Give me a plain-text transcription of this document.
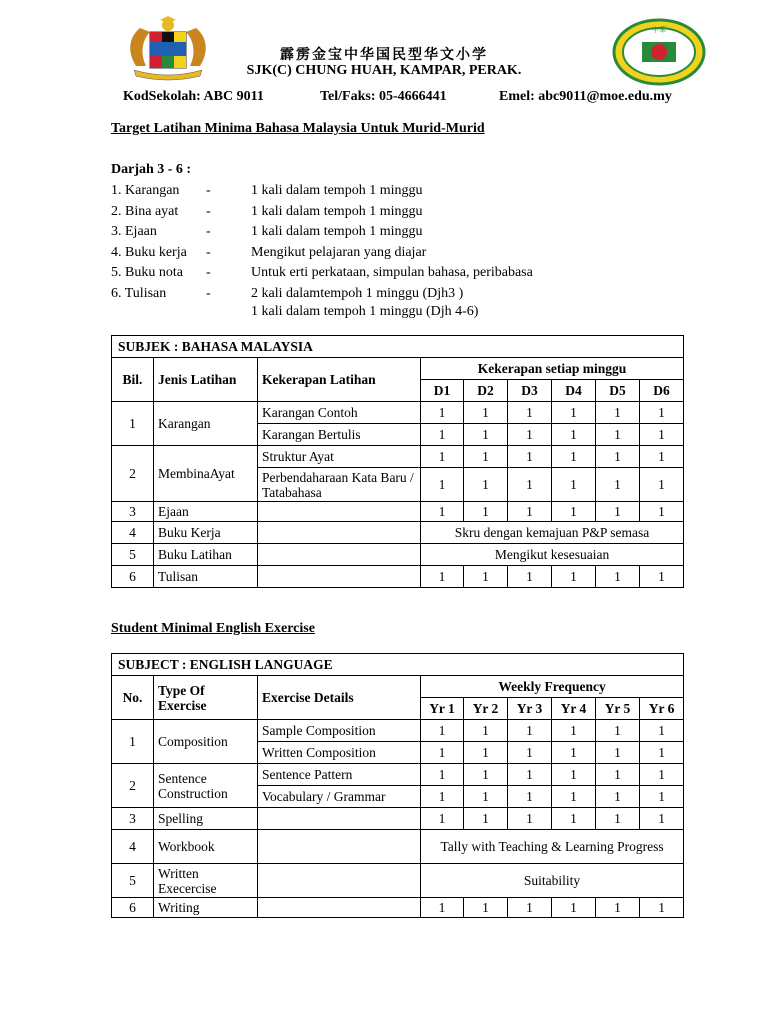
中華
霹雳金宝中华国民型华文小学
SJK(C) CHUNG HUAH, KAMPAR, PERAK.
KodSekolah: ABC 9011	Tel/Faks: 05-4666441	Emel: abc9011@moe.edu.my
Target Latihan Minima Bahasa Malaysia Untuk Murid-Murid
Darjah 3 - 6 :
1. Karangan -	1 kali dalam tempoh 1 minggu
2. Bina ayat -	1 kali dalam tempoh 1 minggu
3. Ejaan	-	1 kali dalam tempoh 1 minggu
4. Buku kerja -	Mengikut pelajaran yang diajar
5. Buku nota -	Untuk erti perkataan, simpulan bahasa, peribabasa
6. Tulisan	-	2 kali dalamtempoh 1 minggu (Djh3 )
1 kali dalam tempoh 1 minggu (Djh 4-6)
SUBJEK : BAHASA MALAYSIA								
Bil.	Jenis Latihan	Kekerapan Latihan	Kekerapan setiap minggu					
			D1	D2	D3	D4	D5	D6
1	Karangan	Karangan Contoh	1	1	1	1	1	1
		Karangan Bertulis	1	1	1	1	1	1
2	MembinaAyat	Struktur Ayat	1	1	1	1	1	1
		Perbendaharaan Kata Baru / Tatabahasa	1	1	1	1	1	1
3	Ejaan		1	1	1	1	1	1
4	Buku Kerja		Skru dengan kemajuan P&P semasa					
5	Buku Latihan		Mengikut kesesuaian					
6	Tulisan		1	1	1	1	1	1
Student Minimal English Exercise
SUBJECT : ENGLISH LANGUAGE								
No.	Type Of Exercise	Exercise Details	Weekly Frequency					
			Yr 1	Yr 2	Yr 3	Yr 4	Yr 5	Yr 6
1	Composition	Sample Composition	1	1	1	1	1	1
		Written Composition	1	1	1	1	1	1
2	Sentence Construction	Sentence Pattern	1	1	1	1	1	1
		Vocabulary / Grammar	1	1	1	1	1	1
3	Spelling		1	1	1	1	1	1
4	Workbook		Tally with Teaching & Learning Progress					
5	Written Execercise		Suitability					
6	Writing		1	1	1	1	1	1
